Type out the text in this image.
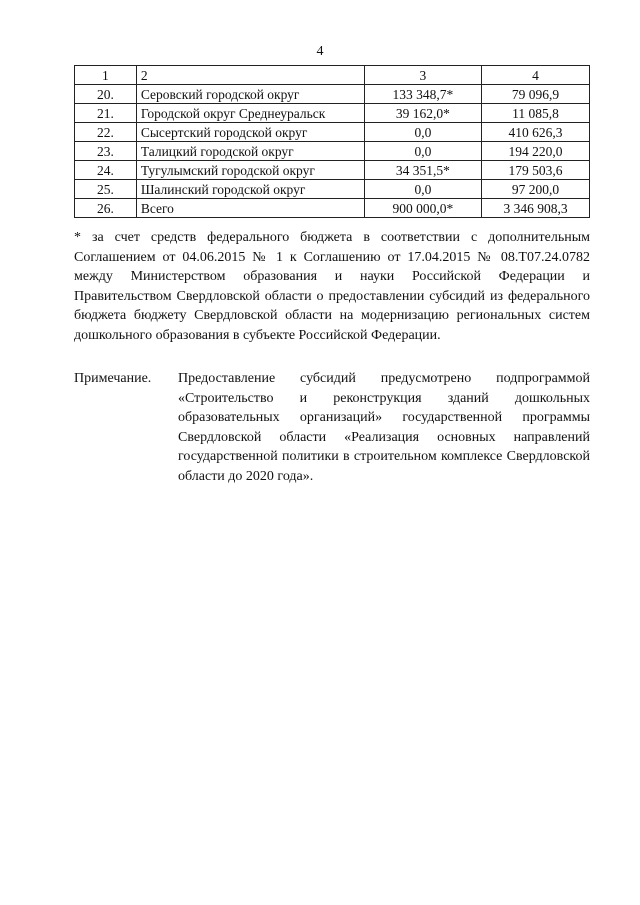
4
1	2	3	4
20.	Серовский городской округ	133 348,7*	79 096,9
21.	Городской округ Среднеуральск	39 162,0*	11 085,8
22.	Сысертский городской округ	0,0	410 626,3
23.	Талицкий городской округ	0,0	194 220,0
24.	Тугулымский городской округ	34 351,5*	179 503,6
25.	Шалинский городской округ	0,0	97 200,0
26.	Всего	900 000,0*	3 346 908,3
* за счет средств федерального бюджета в соответствии с дополнительным Соглашением от 04.06.2015 № 1 к Соглашению от 17.04.2015 № 08.Т07.24.0782 между Министерством образования и науки Российской Федерации и Правительством Свердловской области о предоставлении субсидий из федерального бюджета бюджету Свердловской области на модернизацию региональных систем дошкольного образования в субъекте Российской Федерации.
Примечание. Предоставление субсидий предусмотрено подпрограммой «Строительство и реконструкция зданий дошкольных образовательных организаций» государственной программы Свердловской области «Реализация основных направлений государственной политики в строительном комплексе Свердловской области до 2020 года».
